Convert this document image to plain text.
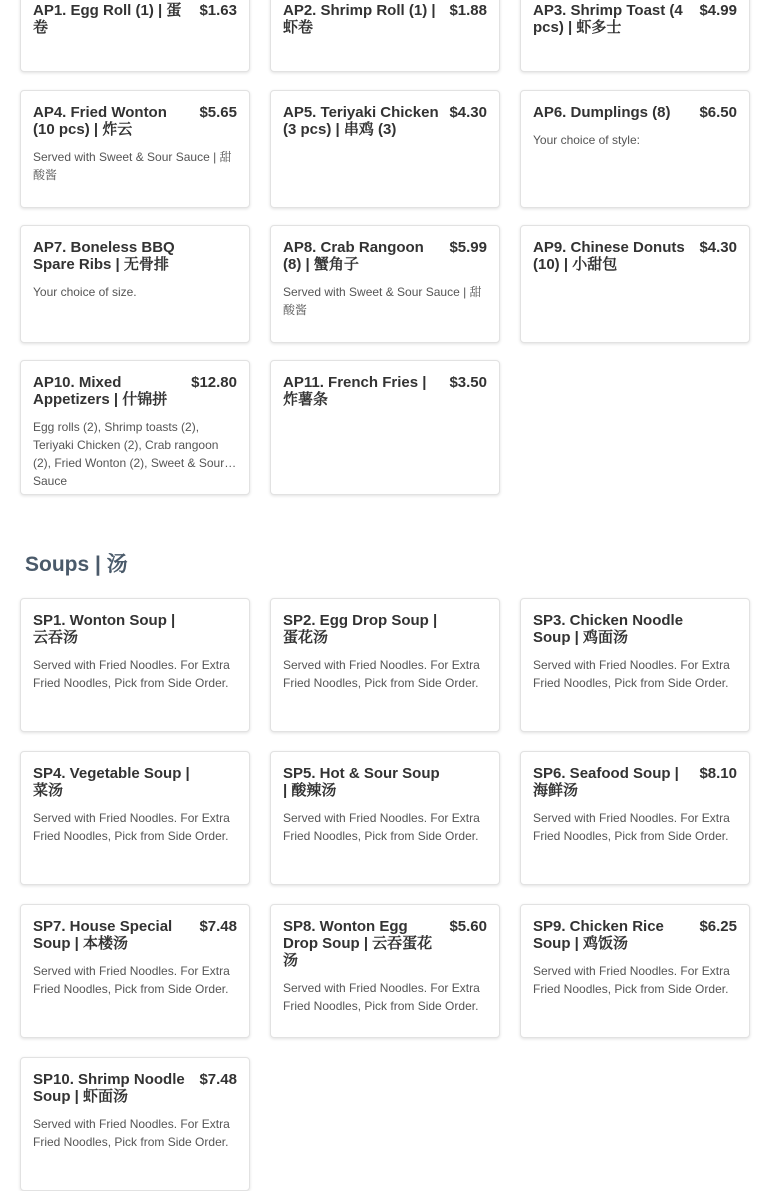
AP1. Egg Roll (1) | 蛋卷
$1.63	AP2. Shrimp Roll (1) | 虾卷
$1.88	AP3. Shrimp Toast (4 pcs) | 虾多士
$4.99
AP4. Fried Wonton (10 pcs) | 炸云
$5.65
Served with Sweet & Sour Sauce | 甜酸酱
AP5. Teriyaki Chicken (3 pcs) | 串鸡 (3)
$4.30	AP6. Dumplings (8) $6.50
Your choice of style:
AP7. Boneless BBQ Spare Ribs | 无骨排
Your choice of size.
AP8. Crab Rangoon (8) | 蟹角子
$5.99
Served with Sweet & Sour Sauce | 甜酸酱
AP9. Chinese Donuts (10) | 小甜包
$4.30
AP10. Mixed Appetizers | 什锦拼
$12.80
Egg rolls (2), Shrimp toasts (2), Teriyaki Chicken (2), Crab rangoon (2), Fried Wonton (2), Sweet & Sour Sauce
AP11. French Fries | 炸薯条
$3.50
Soups | 汤
SP1. Wonton Soup | 云吞汤
Served with Fried Noodles. For Extra Fried Noodles, Pick from Side Order.
SP2. Egg Drop Soup | 蛋花汤
Served with Fried Noodles. For Extra Fried Noodles, Pick from Side Order.
SP3. Chicken Noodle Soup | 鸡面汤
Served with Fried Noodles. For Extra Fried Noodles, Pick from Side Order.
SP4. Vegetable Soup | 菜汤
Served with Fried Noodles. For Extra Fried Noodles, Pick from Side Order.
SP5. Hot & Sour Soup | 酸辣汤
Served with Fried Noodles. For Extra Fried Noodles, Pick from Side Order.
SP6. Seafood Soup | 海鲜汤
$8.10
Served with Fried Noodles. For Extra Fried Noodles, Pick from Side Order.
SP7. House Special Soup | 本楼汤
$7.48
Served with Fried Noodles. For Extra Fried Noodles, Pick from Side Order.
SP8. Wonton Egg Drop Soup | 云吞蛋花汤
$5.60
Served with Fried Noodles. For Extra Fried Noodles, Pick from Side Order.
SP9. Chicken Rice Soup | 鸡饭汤
$6.25
Served with Fried Noodles. For Extra Fried Noodles, Pick from Side Order.
SP10. Shrimp Noodle Soup | 虾面汤
$7.48
Served with Fried Noodles. For Extra Fried Noodles, Pick from Side Order.
